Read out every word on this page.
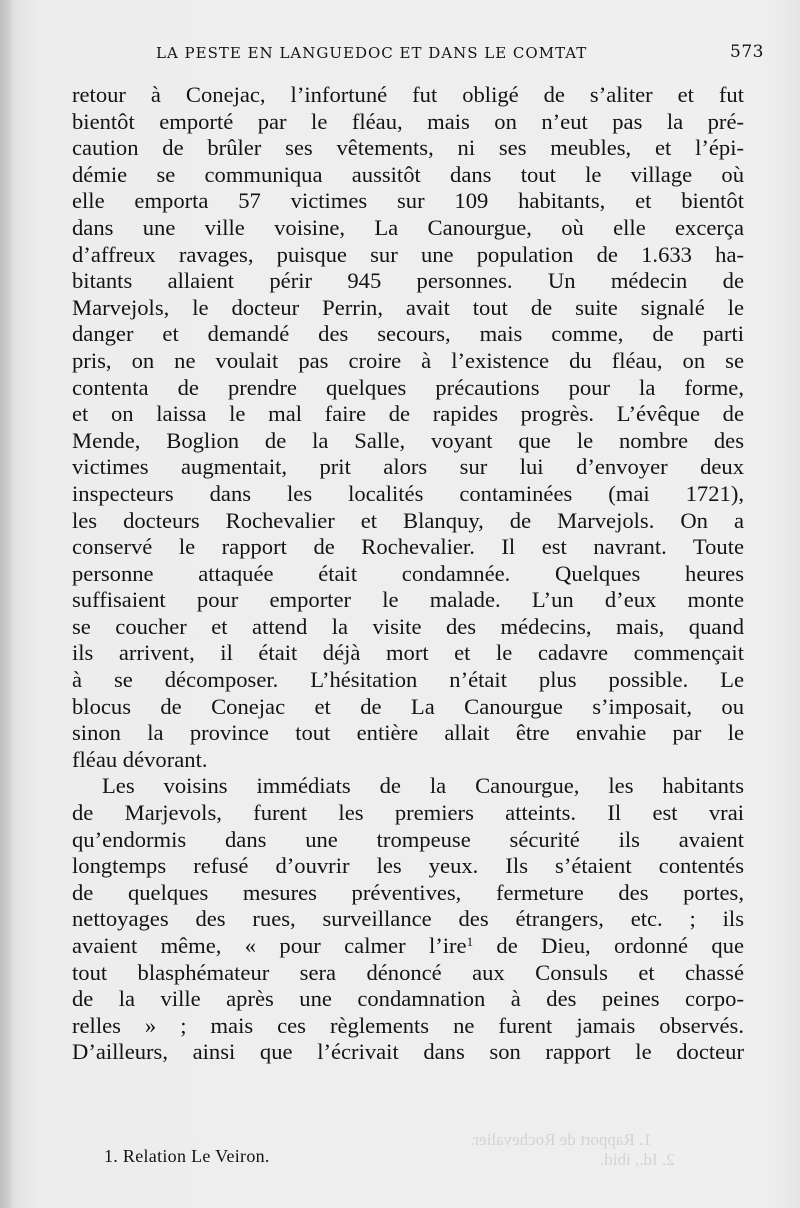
LA PESTE EN LANGUEDOC ET DANS LE COMTAT	573
retour à Conejac, l’infortuné fut obligé de s’aliter et fut
bientôt emporté par le fléau, mais on n’eut pas la pré-
caution de brûler ses vêtements, ni ses meubles, et l’épi-
démie se communiqua aussitôt dans tout le village où
elle emporta 57 victimes sur 109 habitants, et bientôt
dans une ville voisine, La Canourgue, où elle excerça
d’affreux ravages, puisque sur une population de 1.633 ha-
bitants allaient périr 945 personnes. Un médecin de
Marvejols, le docteur Perrin, avait tout de suite signalé le
danger et demandé des secours, mais comme, de parti
pris, on ne voulait pas croire à l’existence du fléau, on se
contenta de prendre quelques précautions pour la forme,
et on laissa le mal faire de rapides progrès. L’évêque de
Mende, Boglion de la Salle, voyant que le nombre des
victimes augmentait, prit alors sur lui d’envoyer deux
inspecteurs dans les localités contaminées (mai 1721),
les docteurs Rochevalier et Blanquy, de Marvejols. On a
conservé le rapport de Rochevalier. Il est navrant. Toute
personne attaquée était condamnée. Quelques heures
suffisaient pour emporter le malade. L’un d’eux monte
se coucher et attend la visite des médecins, mais, quand
ils arrivent, il était déjà mort et le cadavre commençait
à se décomposer. L’hésitation n’était plus possible. Le
blocus de Conejac et de La Canourgue s’imposait, ou
sinon la province tout entière allait être envahie par le
fléau dévorant.
Les voisins immédiats de la Canourgue, les habitants
de Marjevols, furent les premiers atteints. Il est vrai
qu’endormis dans une trompeuse sécurité ils avaient
longtemps refusé d’ouvrir les yeux. Ils s’étaient contentés
de quelques mesures préventives, fermeture des portes,
nettoyages des rues, surveillance des étrangers, etc. ; ils
avaient même, « pour calmer l’ire$^1$ de Dieu, ordonné que
tout blasphémateur sera dénoncé aux Consuls et chassé
de la ville après une condamnation à des peines corpo-
relles » ; mais ces règlements ne furent jamais observés.
D’ailleurs, ainsi que l’écrivait dans son rapport le docteur
1. Rapport de Rochevalier.
2. Id., ibid.
1. Relation Le Veiron.
